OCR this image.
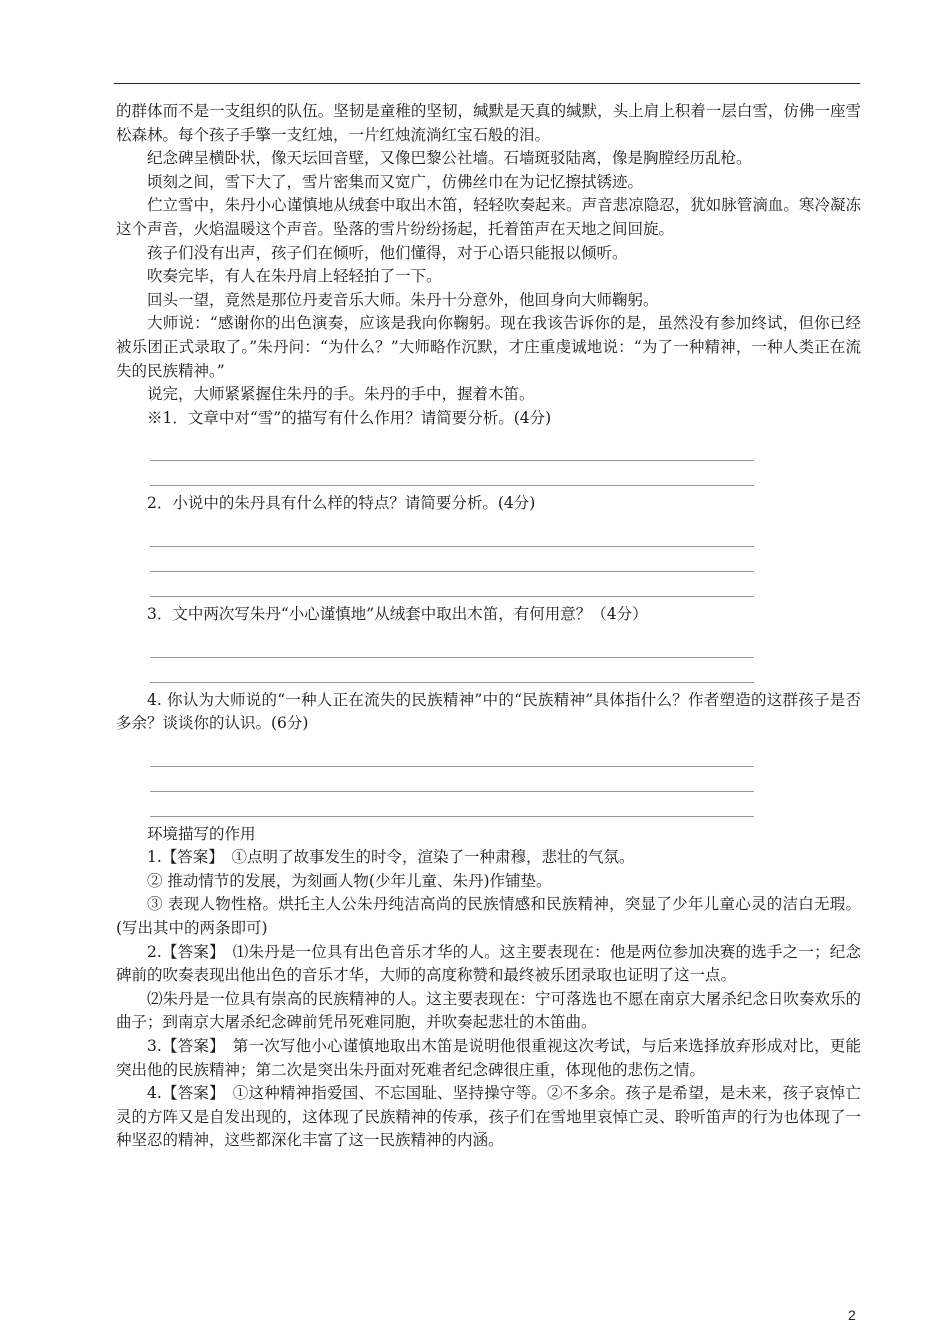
的群体而不是一支组织的队伍。坚韧是童稚的坚韧，缄默是天真的缄默，头上肩上积着一层白雪，仿佛一座雪松森林。每个孩子手擎一支红烛，一片红烛流淌红宝石般的泪。

纪念碑呈横卧状，像天坛回音壁，又像巴黎公社墙。石墙斑驳陆离，像是胸膛经历乱枪。

顷刻之间，雪下大了，雪片密集而又宽广，仿佛丝巾在为记忆擦拭锈迹。

伫立雪中，朱丹小心谨慎地从绒套中取出木笛，轻轻吹奏起来。声音悲凉隐忍，犹如脉管滴血。寒冷凝冻这个声音，火焰温暖这个声音。坠落的雪片纷纷扬起，托着笛声在天地之间回旋。

孩子们没有出声，孩子们在倾听，他们懂得，对于心语只能报以倾听。

吹奏完毕，有人在朱丹肩上轻轻拍了一下。

回头一望，竟然是那位丹麦音乐大师。朱丹十分意外，他回身向大师鞠躬。

大师说：“感谢你的出色演奏，应该是我向你鞠躬。现在我该告诉你的是，虽然没有参加终试，但你已经被乐团正式录取了。”朱丹问：“为什么？”大师略作沉默，才庄重虔诚地说：“为了一种精神，一种人类正在流失的民族精神。”

说完，大师紧紧握住朱丹的手。朱丹的手中，握着木笛。

※1．文章中对“雪”的描写有什么作用？请简要分析。(4分)

2．小说中的朱丹具有什么样的特点？请简要分析。(4分)

3．文中两次写朱丹“小心谨慎地”从绒套中取出木笛，有何用意？（4分）

4. 你认为大师说的“一种人正在流失的民族精神”中的“民族精神”具体指什么？作者塑造的这群孩子是否多余？谈谈你的认识。(6分)

环境描写的作用

1.【答案】　①点明了故事发生的时令，渲染了一种肃穆，悲壮的气氛。

② 推动情节的发展，为刻画人物(少年儿童、朱丹)作铺垫。

③ 表现人物性格。烘托主人公朱丹纯洁高尚的民族情感和民族精神，突显了少年儿童心灵的洁白无瑕。(写出其中的两条即可)

2.【答案】　⑴朱丹是一位具有出色音乐才华的人。这主要表现在：他是两位参加决赛的选手之一；纪念碑前的吹奏表现出他出色的音乐才华，大师的高度称赞和最终被乐团录取也证明了这一点。

⑵朱丹是一位具有崇高的民族精神的人。这主要表现在：宁可落选也不愿在南京大屠杀纪念日吹奏欢乐的曲子；到南京大屠杀纪念碑前凭吊死难同胞，并吹奏起悲壮的木笛曲。

3.【答案】　第一次写他小心谨慎地取出木笛是说明他很重视这次考试，与后来选择放弃形成对比，更能突出他的民族精神；第二次是突出朱丹面对死难者纪念碑很庄重，体现他的悲伤之情。

4.【答案】　①这种精神指爱国、不忘国耻、坚持操守等。②不多余。孩子是希望，是未来，孩子哀悼亡灵的方阵又是自发出现的，这体现了民族精神的传承，孩子们在雪地里哀悼亡灵、聆听笛声的行为也体现了一种坚忍的精神，这些都深化丰富了这一民族精神的内涵。

2
